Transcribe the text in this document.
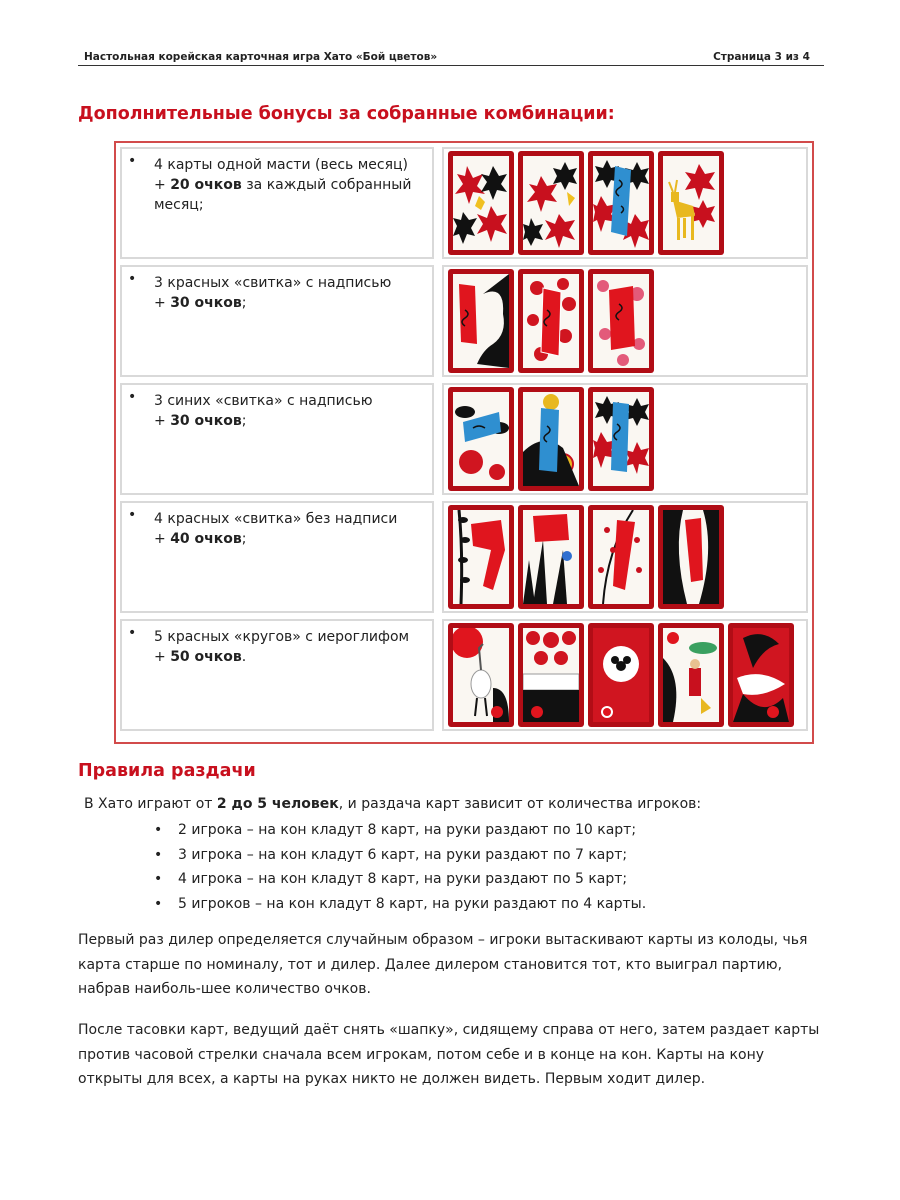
Настольная корейская карточная игра Хато «Бой цветов»	Страница 3 из 4
Дополнительные бонусы за собранные комбинации:
• 4 карты одной масти (весь месяц)
+ 20 очков за каждый собранный месяц;
• 3 красных «свитка» с надписью
+ 30 очков;
• 3 синих «свитка» с надписью
+ 30 очков;
• 4 красных «свитка» без надписи
+ 40 очков;
• 5 красных «кругов» с иероглифом
+ 50 очков.
Правила раздачи
В Хато играют от 2 до 5 человек, и раздача карт зависит от количества игроков:
• 2 игрока – на кон кладут 8 карт, на руки раздают по 10 карт;
• 3 игрока – на кон кладут 6 карт, на руки раздают по 7 карт;
• 4 игрока – на кон кладут 8 карт, на руки раздают по 5 карт;
• 5 игроков – на кон кладут 8 карт, на руки раздают по 4 карты.
Первый раз дилер определяется случайным образом – игроки вытаскивают карты из колоды, чья карта старше по номиналу, тот и дилер. Далее дилером становится тот, кто выиграл партию, набрав наиболь-шее количество очков.
После тасовки карт, ведущий даёт снять «шапку», сидящему справа от него, затем раздает карты против часовой стрелки сначала всем игрокам, потом себе и в конце на кон. Карты на кону открыты для всех, а карты на руках никто не должен видеть. Первым ходит дилер.
